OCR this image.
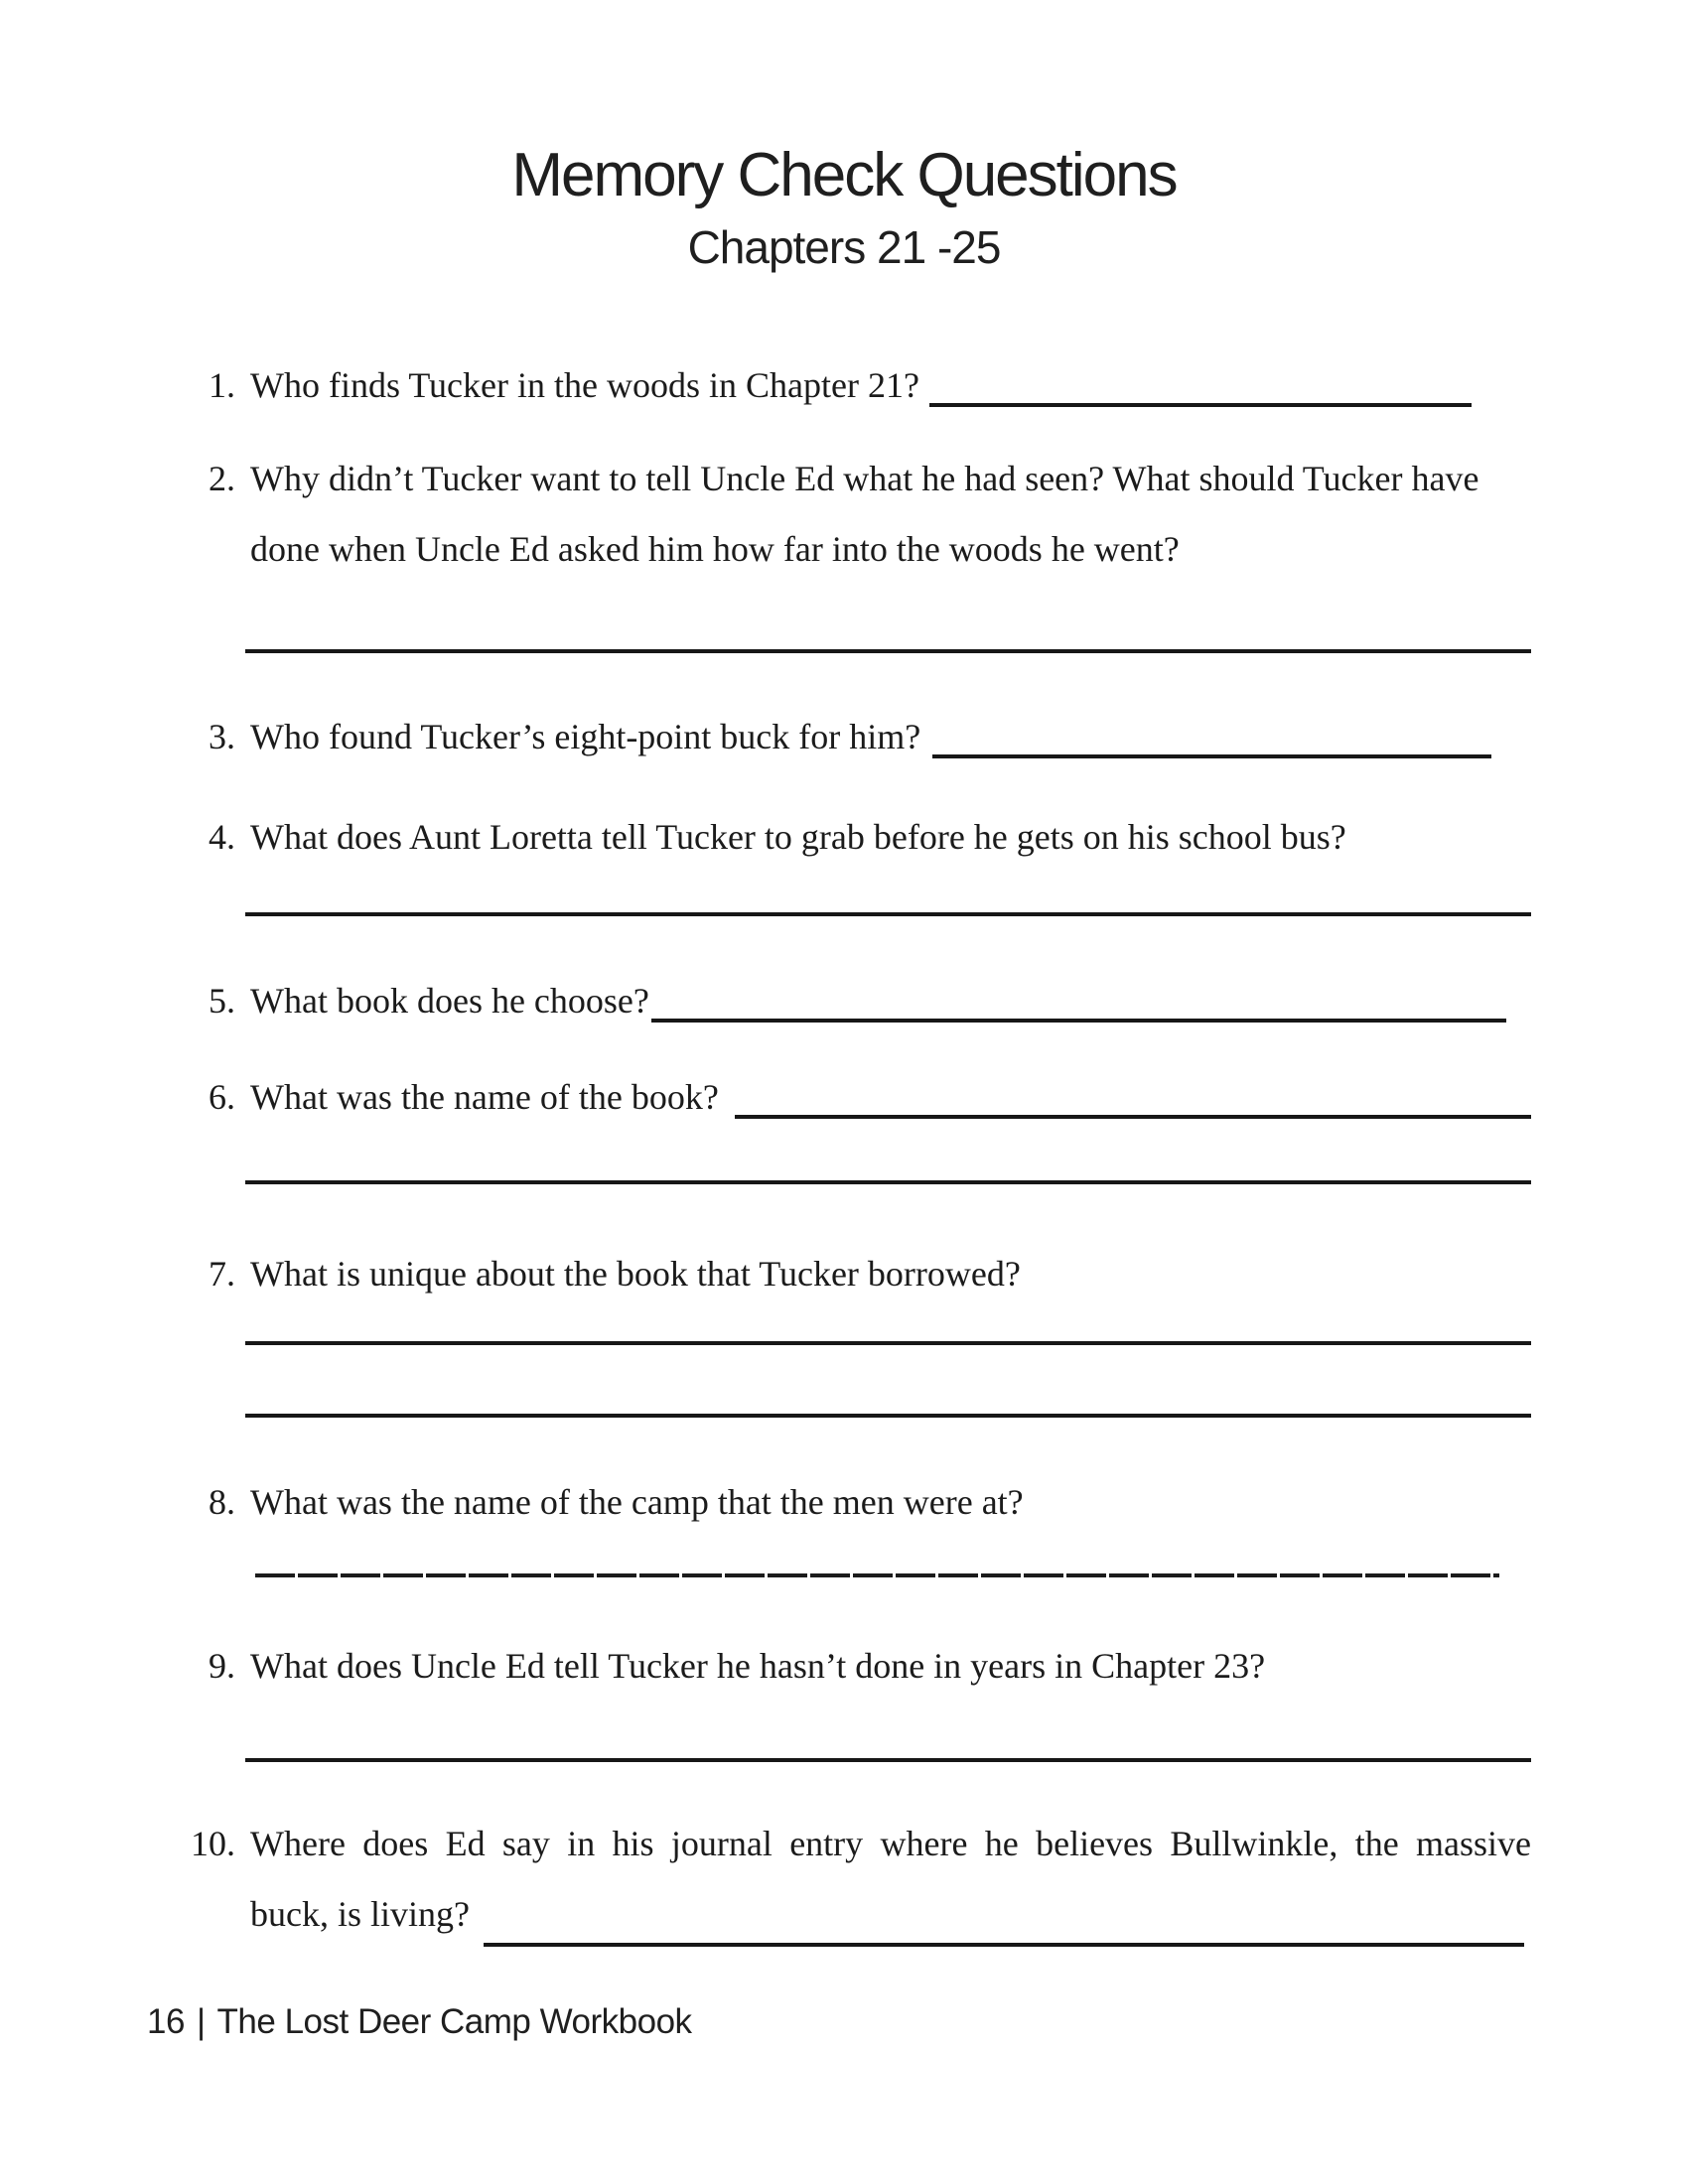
Memory Check Questions
Chapters 21 -25
1. Who finds Tucker in the woods in Chapter 21?
2. Why didn’t Tucker want to tell Uncle Ed what he had seen? What should Tucker have
done when Uncle Ed asked him how far into the woods he went?
3. Who found Tucker’s eight-point buck for him?
4. What does Aunt Loretta tell Tucker to grab before he gets on his school bus?
5. What book does he choose?
6. What was the name of the book?
7. What is unique about the book that Tucker borrowed?
8. What was the name of the camp that the men were at?
9. What does Uncle Ed tell Tucker he hasn’t done in years in Chapter 23?
10. Where does Ed say in his journal entry where he believes Bullwinkle, the massive
buck, is living?
16 | The Lost Deer Camp Workbook
